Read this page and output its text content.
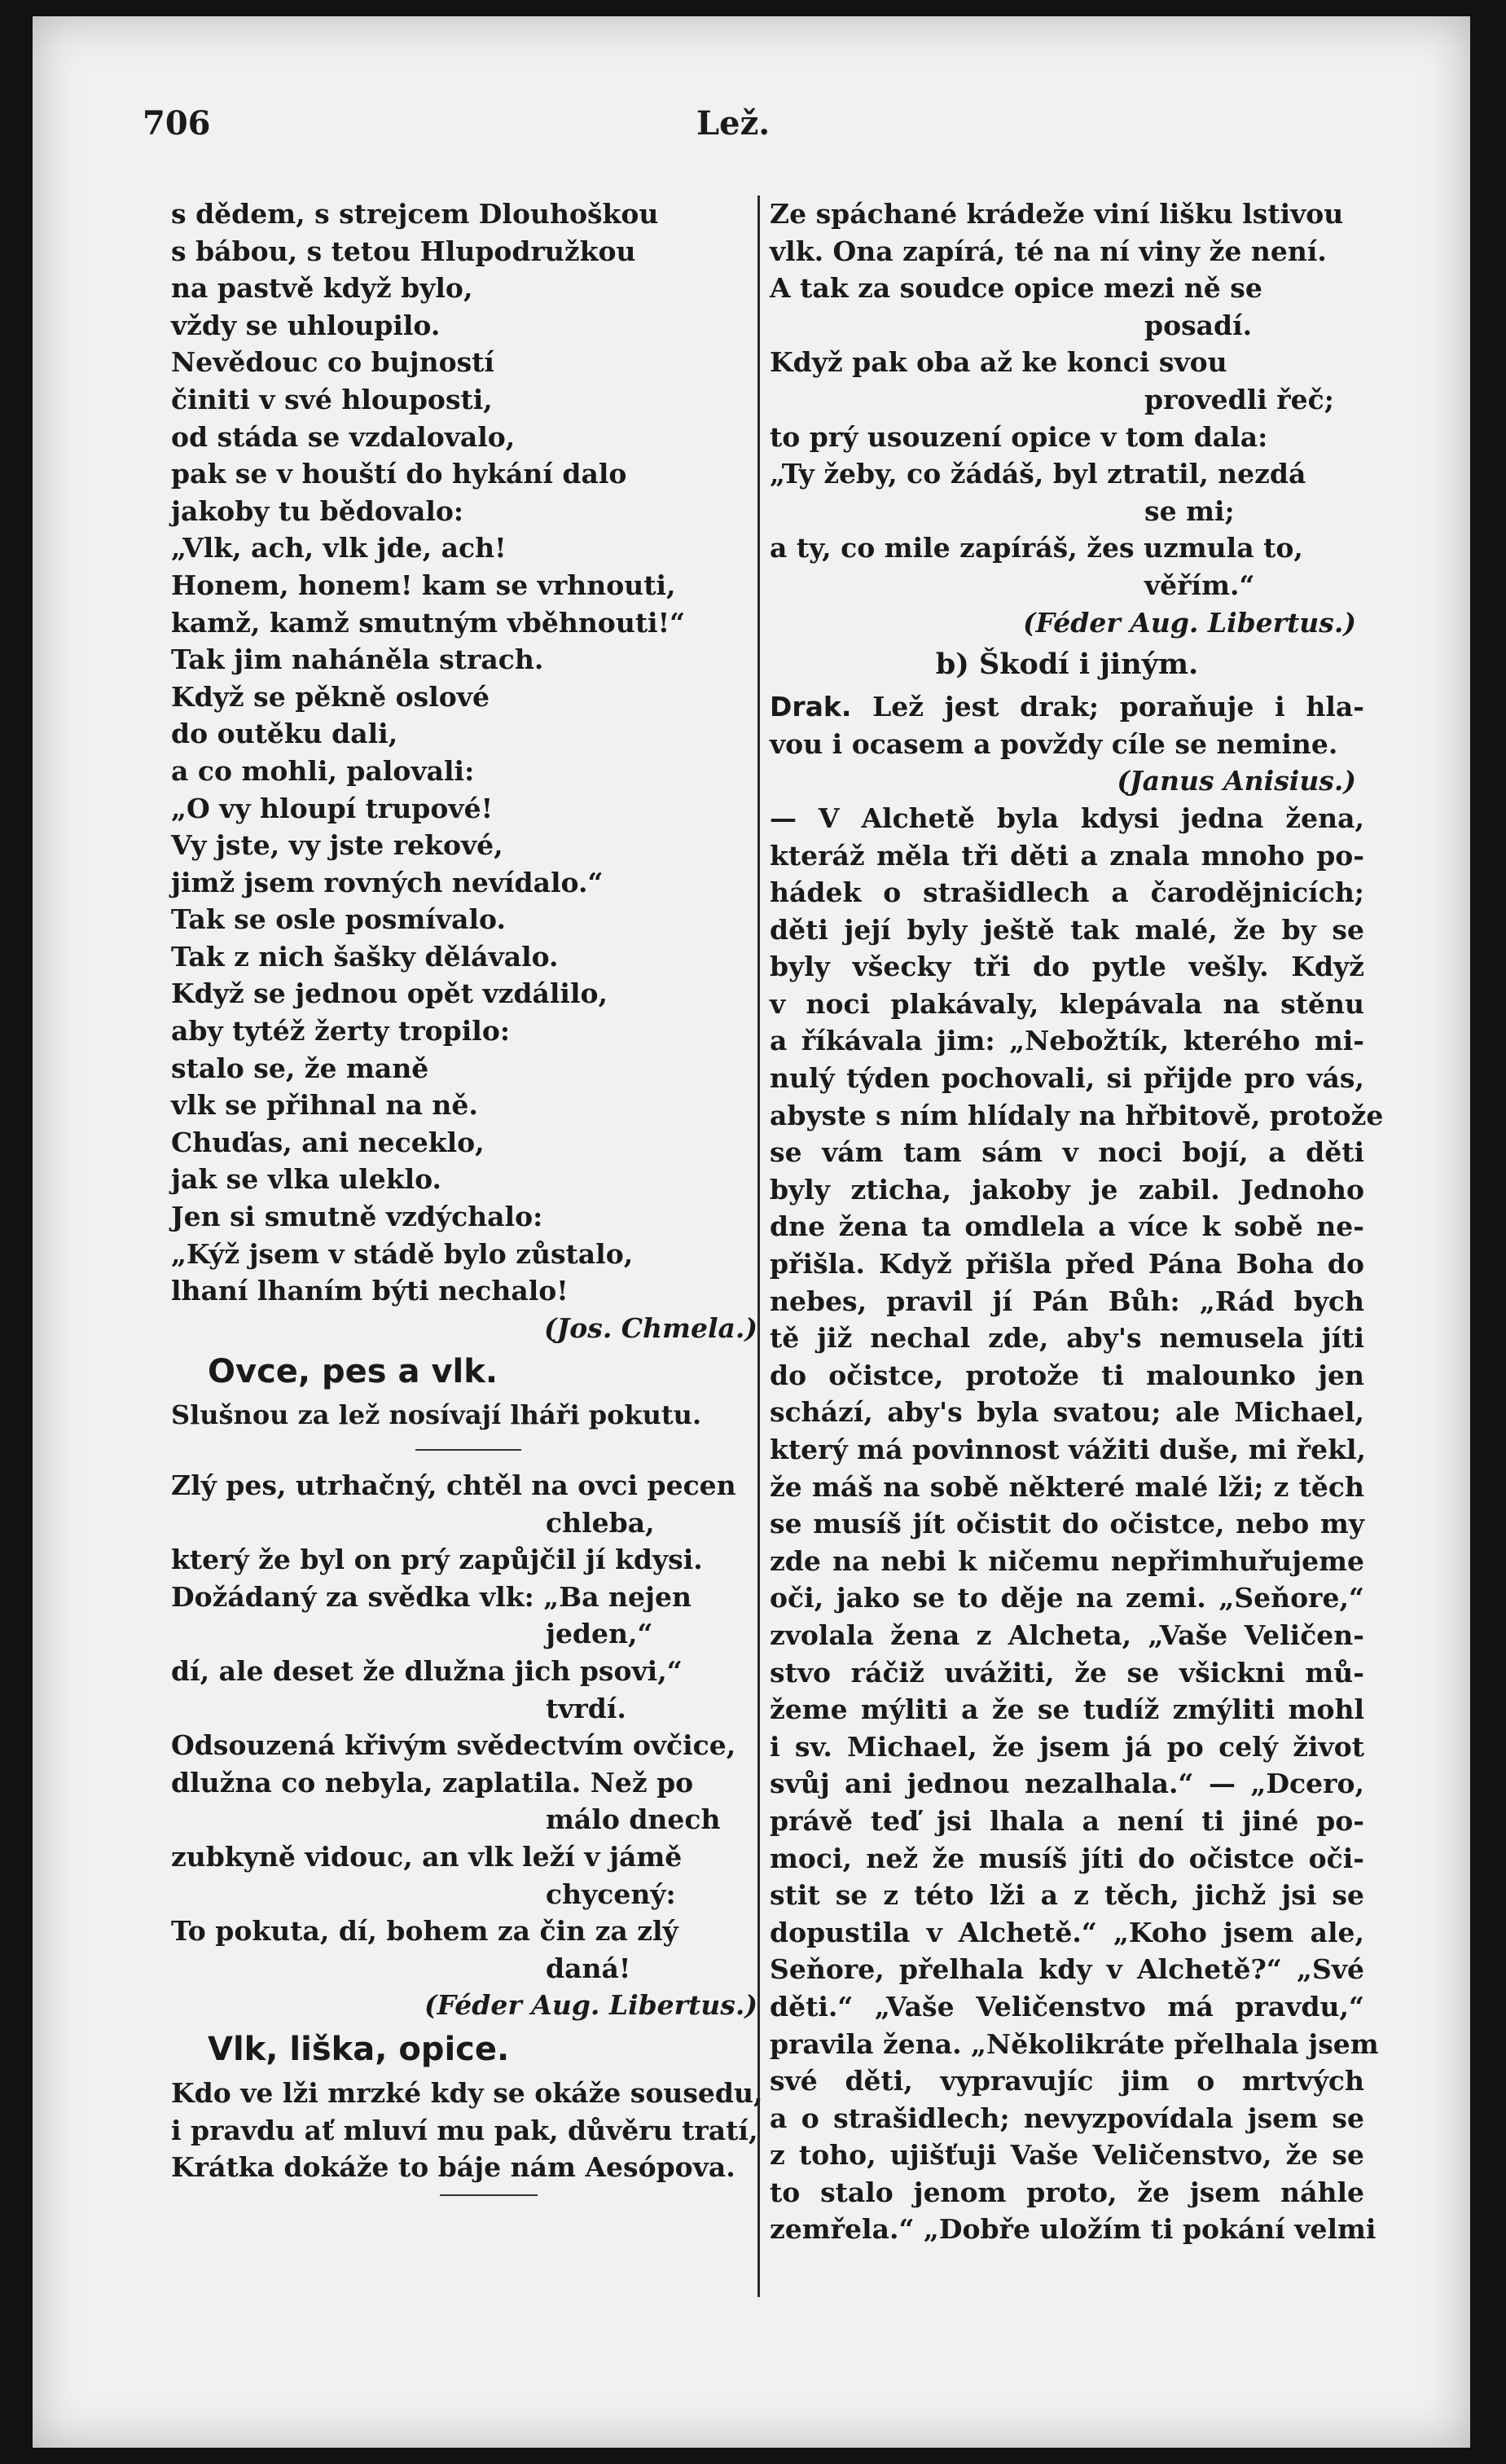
706	Lež.
s dědem, s strejcem Dlouhoškou
s bábou, s tetou Hlupodružkou
na pastvě když bylo,
vždy se uhloupilo.
Nevědouc co bujností
činiti v své hlouposti,
od stáda se vzdalovalo,
pak se v houští do hykání dalo
jakoby tu bědovalo:
„Vlk, ach, vlk jde, ach!
Honem, honem! kam se vrhnouti,
kamž, kamž smutným vběhnouti!“
Tak jim naháněla strach.
Když se pěkně oslové
do outěku dali,
a co mohli, palovali:
„O vy hloupí trupové!
Vy jste, vy jste rekové,
jimž jsem rovných nevídalo.“
Tak se osle posmívalo.
Tak z nich šašky dělávalo.
Když se jednou opět vzdálilo,
aby tytéž žerty tropilo:
stalo se, že maně
vlk se přihnal na ně.
Chuďas, ani neceklo,
jak se vlka uleklo.
Jen si smutně vzdýchalo:
„Kýž jsem v stádě bylo zůstalo,
lhaní lhaním býti nechalo!
(Jos. Chmela.)
Ovce, pes a vlk.
Slušnou za lež nosívají lháři pokutu.
Zlý pes, utrhačný, chtěl na ovci pecen
chleba,
který že byl on prý zapůjčil jí kdysi.
Dožádaný za svědka vlk: „Ba nejen
jeden,“
dí, ale deset že dlužna jich psovi,“
tvrdí.
Odsouzená křivým svědectvím ovčice,
dlužna co nebyla, zaplatila. Než po
málo dnech
zubkyně vidouc, an vlk leží v jámě
chycený:
To pokuta, dí, bohem za čin za zlý
daná!
(Féder Aug. Libertus.)
Vlk, liška, opice.
Kdo ve lži mrzké kdy se okáže sousedu,
i pravdu ať mluví mu pak, důvěru tratí,
Krátka dokáže to báje nám Aesópova.
Ze spáchané krádeže viní lišku lstivou
vlk. Ona zapírá, té na ní viny že není.
A tak za soudce opice mezi ně se
posadí.
Když pak oba až ke konci svou
provedli řeč;
to prý usouzení opice v tom dala:
„Ty žeby, co žádáš, byl ztratil, nezdá
se mi;
a ty, co mile zapíráš, žes uzmula to,
věřím.“
(Féder Aug. Libertus.)
b) Škodí i jiným.
Drak. Lež jest drak; poraňuje i hla-
vou i ocasem a povždy cíle se nemine.
(Janus Anisius.)
— V Alchetě byla kdysi jedna žena,
kteráž měla tři děti a znala mnoho po-
hádek o strašidlech a čarodějnicích;
děti její byly ještě tak malé, že by se
byly všecky tři do pytle vešly. Když
v noci plakávaly, klepávala na stěnu
a říkávala jim: „Nebožtík, kterého mi-
nulý týden pochovali, si přijde pro vás,
abyste s ním hlídaly na hřbitově, protože
se vám tam sám v noci bojí, a děti
byly zticha, jakoby je zabil. Jednoho
dne žena ta omdlela a více k sobě ne-
přišla. Když přišla před Pána Boha do
nebes, pravil jí Pán Bůh: „Rád bych
tě již nechal zde, aby's nemusela jíti
do očistce, protože ti malounko jen
schází, aby's byla svatou; ale Michael,
který má povinnost vážiti duše, mi řekl,
že máš na sobě některé malé lži; z těch
se musíš jít očistit do očistce, nebo my
zde na nebi k ničemu nepřimhuřujeme
oči, jako se to děje na zemi. „Seňore,“
zvolala žena z Alcheta, „Vaše Veličen-
stvo ráčiž uvážiti, že se všickni mů-
žeme mýliti a že se tudíž zmýliti mohl
i sv. Michael, že jsem já po celý život
svůj ani jednou nezalhala.“ — „Dcero,
právě teď jsi lhala a není ti jiné po-
moci, než že musíš jíti do očistce oči-
stit se z této lži a z těch, jichž jsi se
dopustila v Alchetě.“ „Koho jsem ale,
Seňore, přelhala kdy v Alchetě?“ „Své
děti.“ „Vaše Veličenstvo má pravdu,“
pravila žena. „Několikráte přelhala jsem
své děti, vypravujíc jim o mrtvých
a o strašidlech; nevyzpovídala jsem se
z toho, ujišťuji Vaše Veličenstvo, že se
to stalo jenom proto, že jsem náhle
zemřela.“ „Dobře uložím ti pokání velmi
